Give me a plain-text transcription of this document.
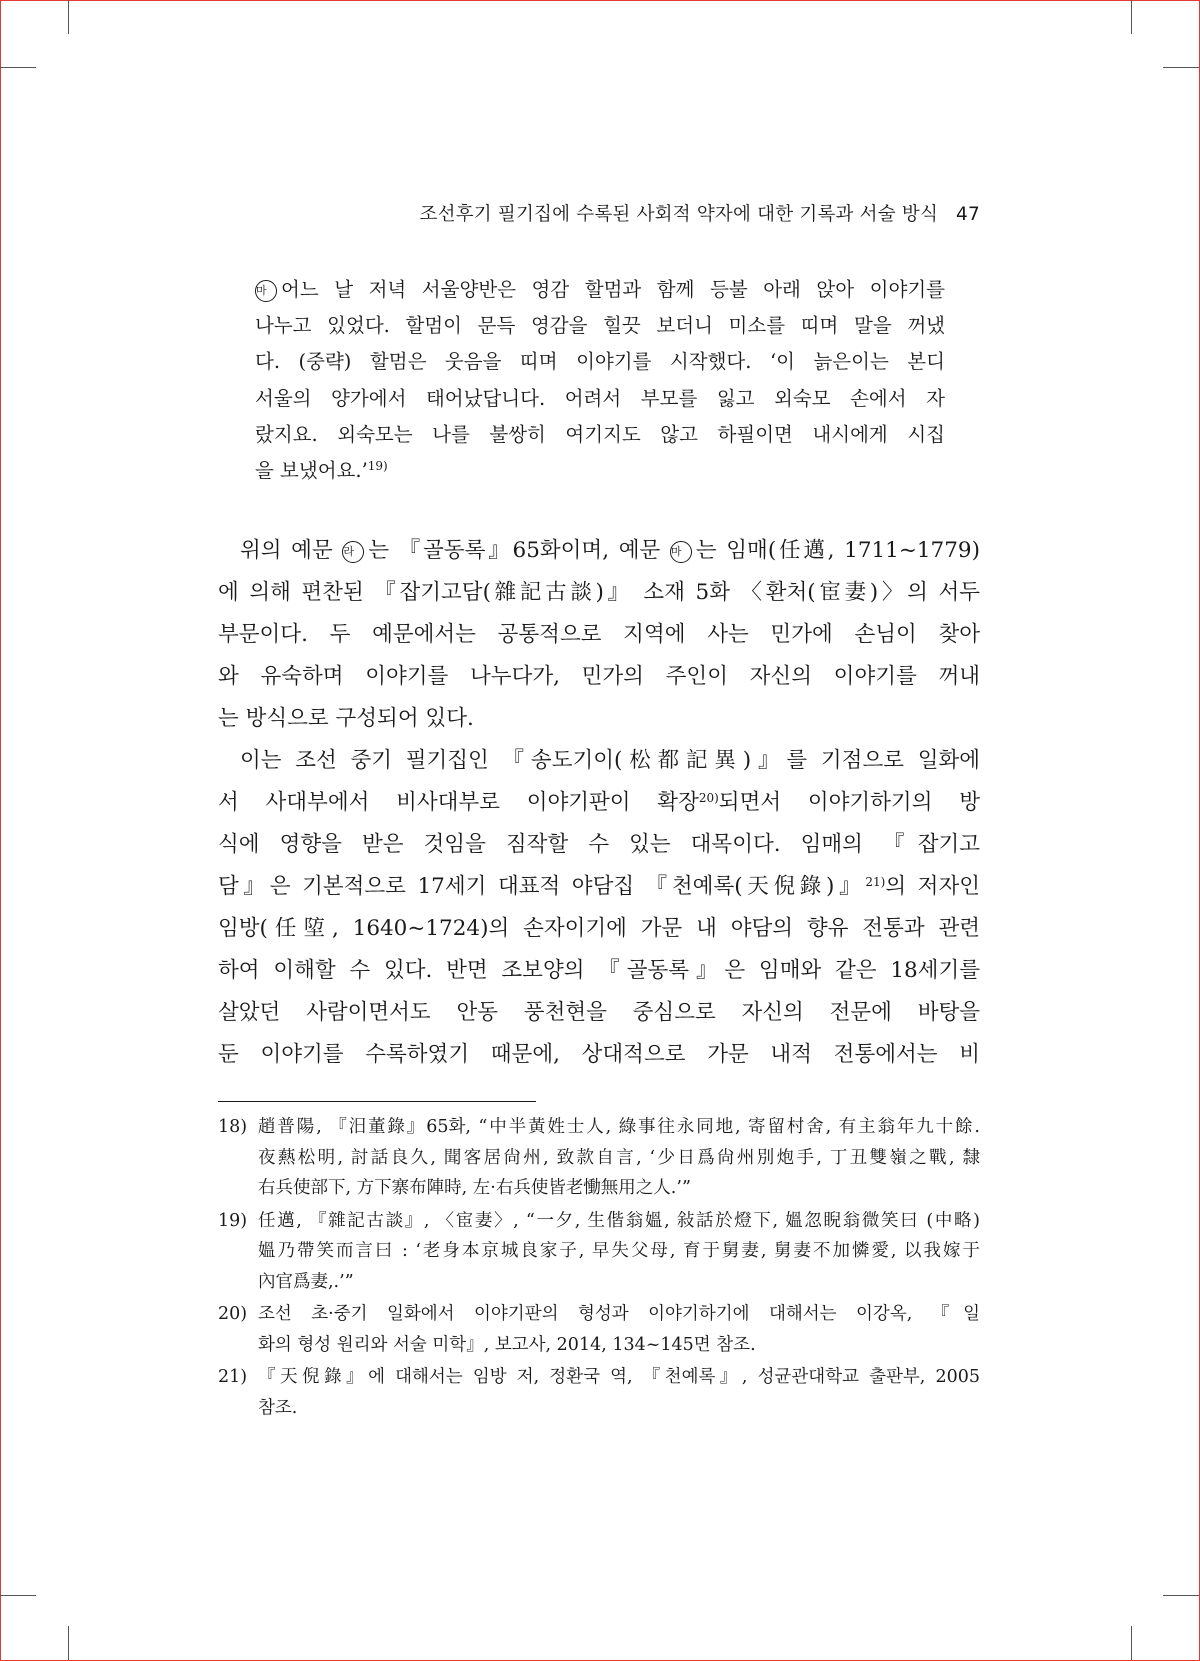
조선후기 필기집에 수록된 사회적 약자에 대한 기록과 서술 방식 47
마 어느 날 저녁 서울양반은 영감 할멈과 함께 등불 아래 앉아 이야기를
나누고 있었다. 할멈이 문득 영감을 힐끗 보더니 미소를 띠며 말을 꺼냈
다. (중략) 할멈은 웃음을 띠며 이야기를 시작했다. ‘이 늙은이는 본디
서울의 양가에서 태어났답니다. 어려서 부모를 잃고 외숙모 손에서 자
랐지요. 외숙모는 나를 불쌍히 여기지도 않고 하필이면 내시에게 시집
을 보냈어요.’$^{19)}$
위의 예문 라 는 『골동록』65화이며, 예문 마 는 임매(任邁, 1711~1779)
에 의해 편찬된 『잡기고담(雜記古談)』 소재 5화 〈환처(宦妻)〉의 서두
부문이다. 두 예문에서는 공통적으로 지역에 사는 민가에 손님이 찾아
와 유숙하며 이야기를 나누다가, 민가의 주인이 자신의 이야기를 꺼내
는 방식으로 구성되어 있다.
이는 조선 중기 필기집인 『송도기이(松都記異)』를 기점으로 일화에
서 사대부에서 비사대부로 이야기판이 확장$^{20)}$되면서 이야기하기의 방
식에 영향을 받은 것임을 짐작할 수 있는 대목이다. 임매의 『잡기고
담』은 기본적으로 17세기 대표적 야담집 『천예록(天倪錄)』$^{21)}$의 저자인
임방(任埅, 1640~1724)의 손자이기에 가문 내 야담의 향유 전통과 관련
하여 이해할 수 있다. 반면 조보양의 『골동록』은 임매와 같은 18세기를
살았던 사람이면서도 안동 풍천현을 중심으로 자신의 전문에 바탕을
둔 이야기를 수록하였기 때문에, 상대적으로 가문 내적 전통에서는 비
18) 趙普陽, 『汨董錄』65화, “中半黃姓士人, 綠事往永同地, 寄留村舍, 有主翁年九十餘.
夜爇松明, 討話良久, 聞客居尙州, 致款自言, ‘少日爲尙州別炮手, 丁丑雙嶺之戰, 隸
右兵使部下, 方下寨布陣時, 左·右兵使皆老慟無用之人.’”
19) 任邁, 『雜記古談』, 〈宦妻〉, “一夕, 生偕翁媼, 敍話於燈下, 媼忽睨翁微笑曰 (中略)
媼乃帶笑而言曰 : ‘老身本京城良家子, 早失父母, 育于舅妻, 舅妻不加憐愛, 以我嫁于
內官爲妻,.’”
20) 조선 초·중기 일화에서 이야기판의 형성과 이야기하기에 대해서는 이강옥, 『일
화의 형성 원리와 서술 미학』, 보고사, 2014, 134~145면 참조.
21) 『天倪錄』에 대해서는 임방 저, 정환국 역, 『천예록』, 성균관대학교 출판부, 2005
참조.
